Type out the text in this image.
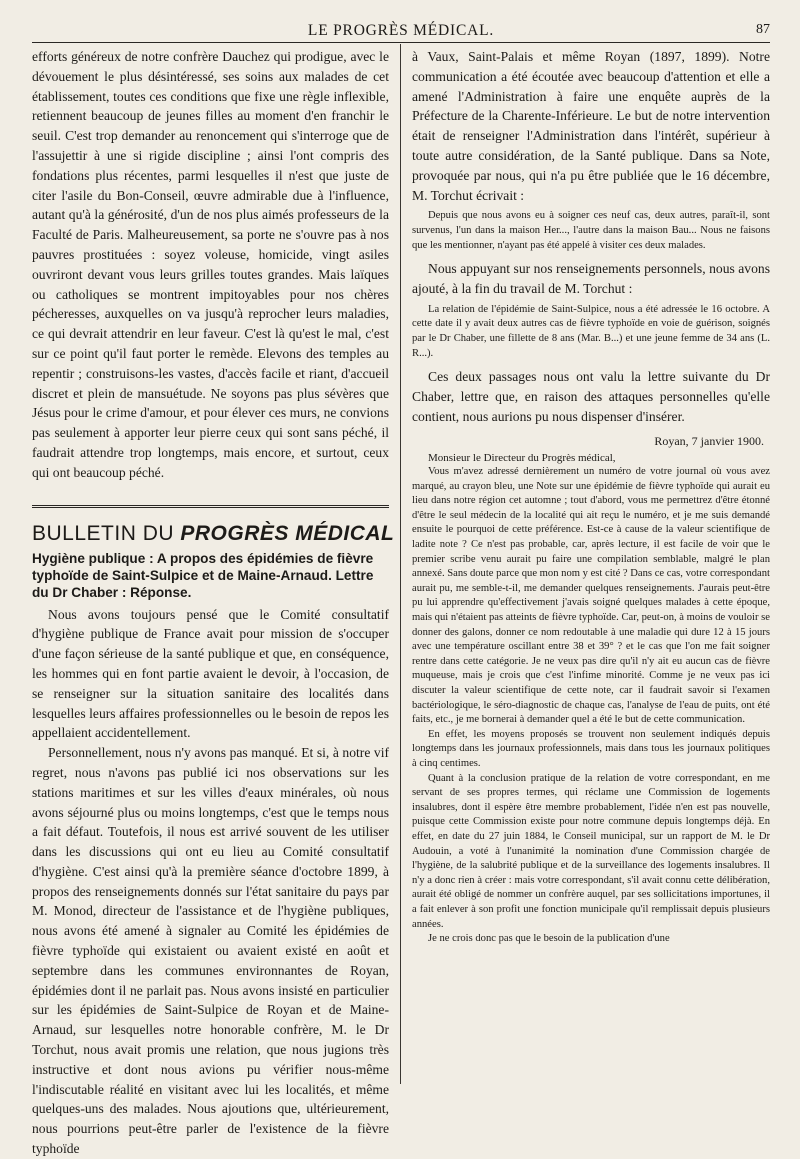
LE PROGRÈS MÉDICAL.	87

efforts généreux de notre confrère Dauchez qui prodigue, avec le dévouement le plus désintéressé, ses soins aux malades de cet établissement, toutes ces conditions que fixe une règle inflexible, retiennent beaucoup de jeunes filles au moment d'en franchir le seuil. C'est trop demander au renoncement qui s'interroge que de l'assujettir à une si rigide discipline ; ainsi l'ont compris des fondations plus récentes, parmi lesquelles il n'est que juste de citer l'asile du Bon-Conseil, œuvre admirable due à l'influence, autant qu'à la générosité, d'un de nos plus aimés professeurs de la Faculté de Paris. Malheureusement, sa porte ne s'ouvre pas à nos pauvres prostituées : soyez voleuse, homicide, vingt asiles ouvriront devant vous leurs grilles toutes grandes. Mais laïques ou catholiques se montrent impitoyables pour nos chères pécheresses, auxquelles on va jusqu'à reprocher leurs maladies, ce qui devrait attendrir en leur faveur. C'est là qu'est le mal, c'est sur ce point qu'il faut porter le remède. Elevons des temples au repentir ; construisons-les vastes, d'accès facile et riant, d'accueil discret et plein de mansuétude. Ne soyons pas plus sévères que Jésus pour le crime d'amour, et pour élever ces murs, ne convions pas seulement à apporter leur pierre ceux qui sont sans péché, il faudrait attendre trop longtemps, mais encore, et surtout, ceux qui ont beaucoup péché.

BULLETIN DU PROGRÈS MÉDICAL

Hygiène publique : A propos des épidémies de fièvre typhoïde de Saint-Sulpice et de Maine-Arnaud. Lettre du Dr Chaber : Réponse.

Nous avons toujours pensé que le Comité consultatif d'hygiène publique de France avait pour mission de s'occuper d'une façon sérieuse de la santé publique et que, en conséquence, les hommes qui en font partie avaient le devoir, à l'occasion, de se renseigner sur la situation sanitaire des localités dans lesquelles leurs affaires professionnelles ou le besoin de repos les appellaient accidentellement.

Personnellement, nous n'y avons pas manqué. Et si, à notre vif regret, nous n'avons pas publié ici nos observations sur les stations maritimes et sur les villes d'eaux minérales, où nous avons séjourné plus ou moins longtemps, c'est que le temps nous a fait défaut. Toutefois, il nous est arrivé souvent de les utiliser dans les discussions qui ont eu lieu au Comité consultatif d'hygiène. C'est ainsi qu'à la première séance d'octobre 1899, à propos des renseignements donnés sur l'état sanitaire du pays par M. Monod, directeur de l'assistance et de l'hygiène publiques, nous avons été amené à signaler au Comité les épidémies de fièvre typhoïde qui existaient ou avaient existé en août et septembre dans les communes environnantes de Royan, épidémies dont il ne parlait pas. Nous avons insisté en particulier sur les épidémies de Saint-Sulpice de Royan et de Maine-Arnaud, sur lesquelles notre honorable confrère, M. le Dr Torchut, nous avait promis une relation, que nous jugions très instructive et dont nous avions pu vérifier nous-même l'indiscutable réalité en visitant avec lui les localités, et même quelques-uns des malades. Nous ajoutions que, ultérieurement, nous pourrions peut-être parler de l'existence de la fièvre typhoïde

à Vaux, Saint-Palais et même Royan (1897, 1899). Notre communication a été écoutée avec beaucoup d'attention et elle a amené l'Administration à faire une enquête auprès de la Préfecture de la Charente-Inférieure. Le but de notre intervention était de renseigner l'Administration dans l'intérêt, supérieur à toute autre considération, de la Santé publique. Dans sa Note, provoquée par nous, qui n'a pu être publiée que le 16 décembre, M. Torchut écrivait :

Depuis que nous avons eu à soigner ces neuf cas, deux autres, paraît-il, sont survenus, l'un dans la maison Her..., l'autre dans la maison Bau... Nous ne faisons que les mentionner, n'ayant pas été appelé à visiter ces deux malades.

Nous appuyant sur nos renseignements personnels, nous avons ajouté, à la fin du travail de M. Torchut :

La relation de l'épidémie de Saint-Sulpice, nous a été adressée le 16 octobre. A cette date il y avait deux autres cas de fièvre typhoïde en voie de guérison, soignés par le Dr Chaber, une fillette de 8 ans (Mar. B...) et une jeune femme de 34 ans (L. R...).

Ces deux passages nous ont valu la lettre suivante du Dr Chaber, lettre que, en raison des attaques personnelles qu'elle contient, nous aurions pu nous dispenser d'insérer.

Royan, 7 janvier 1900.

Monsieur le Directeur du Progrès médical,

Vous m'avez adressé dernièrement un numéro de votre journal où vous avez marqué, au crayon bleu, une Note sur une épidémie de fièvre typhoïde qui aurait eu lieu dans notre région cet automne ; tout d'abord, vous me permettrez d'être étonné d'être le seul médecin de la localité qui ait reçu le numéro, et je me suis demandé ensuite le pourquoi de cette préférence. Est-ce à cause de la valeur scientifique de ladite note ? Ce n'est pas probable, car, après lecture, il est facile de voir que le premier scribe venu aurait pu faire une compilation semblable, malgré le plan annexé. Sans doute parce que mon nom y est cité ? Dans ce cas, votre correspondant aurait pu, me semble-t-il, me demander quelques renseignements. J'aurais peut-être pu lui apprendre qu'effectivement j'avais soigné quelques malades à cette époque, mais qui n'étaient pas atteints de fièvre typhoïde. Car, peut-on, à moins de vouloir se donner des galons, donner ce nom redoutable à une maladie qui dure 12 à 15 jours avec une température oscillant entre 38 et 39° ? et le cas que l'on me fait soigner rentre dans cette catégorie. Je ne veux pas dire qu'il n'y ait eu aucun cas de fièvre muqueuse, mais je crois que c'est l'infime minorité. Comme je ne veux pas ici discuter la valeur scientifique de cette note, car il faudrait savoir si l'examen bactériologique, le séro-diagnostic de chaque cas, l'analyse de l'eau de puits, ont été faits, etc., je me bornerai à demander quel a été le but de cette communication.

En effet, les moyens proposés se trouvent non seulement indiqués depuis longtemps dans les journaux professionnels, mais dans tous les journaux politiques à cinq centimes.

Quant à la conclusion pratique de la relation de votre correspondant, en me servant de ses propres termes, qui réclame une Commission de logements insalubres, dont il espère être membre probablement, l'idée n'en est pas nouvelle, puisque cette Commission existe pour notre commune depuis longtemps déjà. En effet, en date du 27 juin 1884, le Conseil municipal, sur un rapport de M. le Dr Audouin, a voté à l'unanimité la nomination d'une Commission chargée de l'hygiène, de la salubrité publique et de la surveillance des logements insalubres. Il n'y a donc rien à créer : mais votre correspondant, s'il avait connu cette délibération, aurait été obligé de nommer un confrère auquel, par ses sollicitations importunes, il a fait enlever à son profit une fonction municipale qu'il remplissait depuis plusieurs années.

Je ne crois donc pas que le besoin de la publication d'une
